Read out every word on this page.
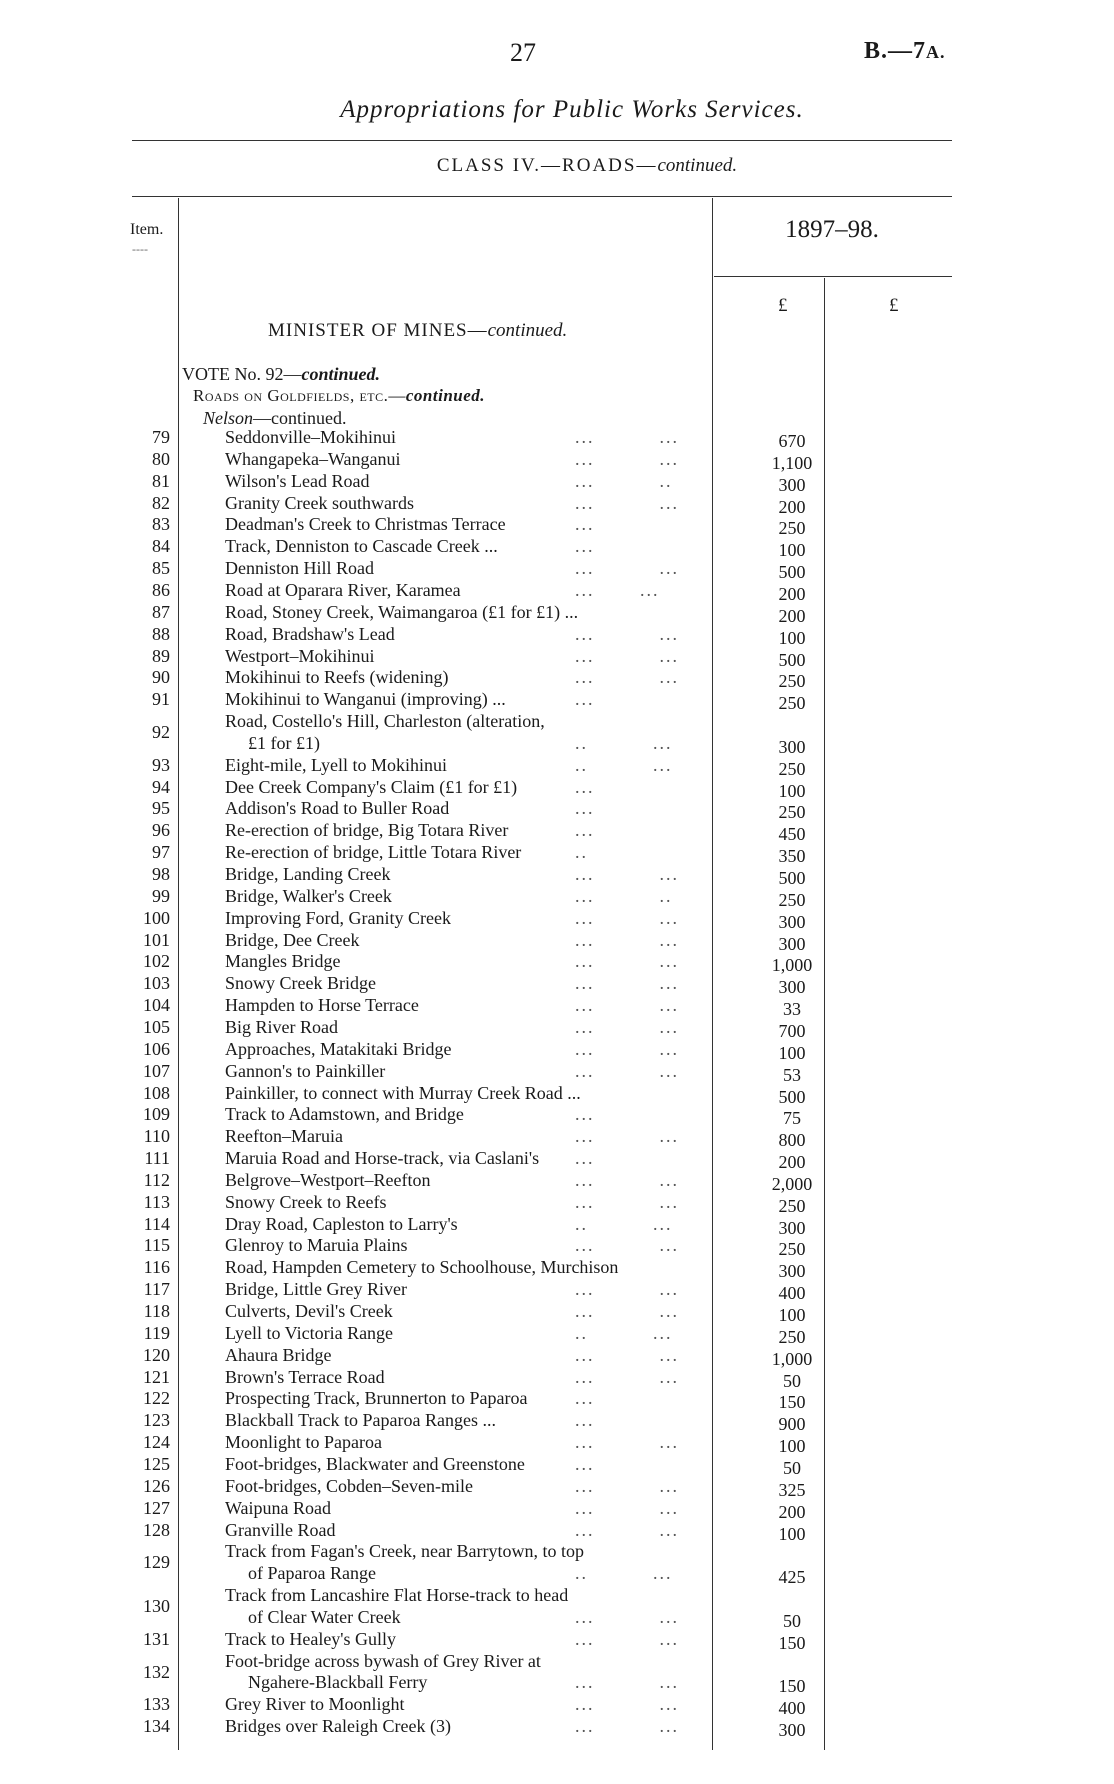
27	B.—7A.
Appropriations for Public Works Services.
CLASS IV.—ROADS—continued.
Item.
----
1897–98.
£	£
MINISTER OF MINES—continued.
VOTE No. 92—continued.
Roads on Goldfields, etc.—continued.
Nelson—continued.
79	Seddonville–Mokihinui	...          ...	670
80	Whangapeka–Wanganui	...          ...	1,100
81	Wilson's Lead Road	...          ..	300
82	Granity Creek southwards	...          ...	200
83	Deadman's Creek to Christmas Terrace	...	250
84	Track, Denniston to Cascade Creek ...	...	100
85	Denniston Hill Road	...          ...	500
86	Road at Oparara River, Karamea	...       ...	200
87	Road, Stoney Creek, Waimangaroa (£1 for £1) ...	200
88	Road, Bradshaw's Lead	...          ...	100
89	Westport–Mokihinui	...          ...	500
90	Mokihinui to Reefs (widening)	...          ...	250
91	Mokihinui to Wanganui (improving) ...	...	250
92
Road, Costello's Hill, Charleston (alteration,
£1 for £1)	..          ...	300
93	Eight-mile, Lyell to Mokihinui	..          ...	250
94	Dee Creek Company's Claim (£1 for £1)	...	100
95	Addison's Road to Buller Road	...	250
96	Re-erection of bridge, Big Totara River	...	450
97	Re-erection of bridge, Little Totara River	..	350
98	Bridge, Landing Creek	...          ...	500
99	Bridge, Walker's Creek	...          ..	250
100	Improving Ford, Granity Creek	...          ...	300
101	Bridge, Dee Creek	...          ...	300
102	Mangles Bridge	...          ...	1,000
103	Snowy Creek Bridge	...          ...	300
104	Hampden to Horse Terrace	...          ...	33
105	Big River Road	...          ...	700
106	Approaches, Matakitaki Bridge	...          ...	100
107	Gannon's to Painkiller	...          ...	53
108	Painkiller, to connect with Murray Creek Road ...	500
109	Track to Adamstown, and Bridge	...	75
110	Reefton–Maruia	...          ...	800
111	Maruia Road and Horse-track, via Caslani's ...	200
112	Belgrove–Westport–Reefton	...          ...	2,000
113	Snowy Creek to Reefs	...          ...	250
114	Dray Road, Capleston to Larry's	..          ...	300
115	Glenroy to Maruia Plains	...          ...	250
116	Road, Hampden Cemetery to Schoolhouse, Murchison	300
117	Bridge, Little Grey River	...          ...	400
118	Culverts, Devil's Creek	...          ...	100
119	Lyell to Victoria Range	..          ...	250
120	Ahaura Bridge	...          ...	1,000
121	Brown's Terrace Road	...          ...	50
122	Prospecting Track, Brunnerton to Paparoa	...	150
123	Blackball Track to Paparoa Ranges ...	...	900
124	Moonlight to Paparoa	...          ...	100
125	Foot-bridges, Blackwater and Greenstone	...	50
126	Foot-bridges, Cobden–Seven-mile	...          ...	325
127	Waipuna Road	...          ...	200
128	Granville Road	...          ...	100
129
Track from Fagan's Creek, near Barrytown, to top
of Paparoa Range	..          ...	425
130
Track from Lancashire Flat Horse-track to head
of Clear Water Creek	...          ...	50
131	Track to Healey's Gully	...          ...	150
132
Foot-bridge across bywash of Grey River at
Ngahere-Blackball Ferry	...          ...	150
133	Grey River to Moonlight	...          ...	400
134	Bridges over Raleigh Creek (3)	...          ...	300
